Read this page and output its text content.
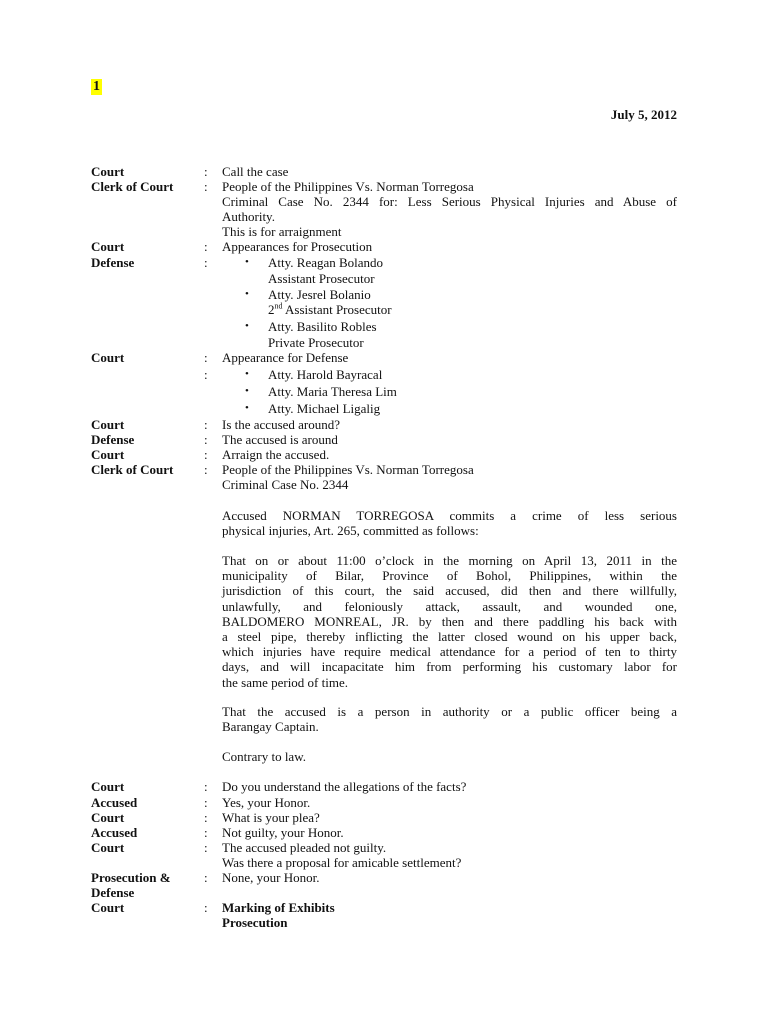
1
July 5, 2012
Court	: Call the case
Clerk of Court : People of the Philippines Vs. Norman Torregosa
Criminal Case No. 2344 for: Less Serious Physical Injuries and Abuse of
Authority.
This is for arraignment
Court	: Appearances for Prosecution
Defense	:	• Atty. Reagan Bolando
Assistant Prosecutor
• Atty. Jesrel Bolanio
2nd Assistant Prosecutor
• Atty. Basilito Robles
Private Prosecutor
Court	: Appearance for Defense
:	• Atty. Harold Bayracal
• Atty. Maria Theresa Lim
• Atty. Michael Ligalig
Court	: Is the accused around?
Defense	: The accused is around
Court	: Arraign the accused.
Clerk of Court : People of the Philippines Vs. Norman Torregosa
Criminal Case No. 2344
Accused NORMAN TORREGOSA commits a crime of less serious
physical injuries, Art. 265, committed as follows:
That on or about 11:00 o’clock in the morning on April 13, 2011 in the
municipality of Bilar, Province of Bohol, Philippines, within the
jurisdiction of this court, the said accused, did then and there willfully,
unlawfully, and feloniously attack, assault, and wounded one,
BALDOMERO MONREAL, JR. by then and there paddling his back with
a steel pipe, thereby inflicting the latter closed wound on his upper back,
which injuries have require medical attendance for a period of ten to thirty
days, and will incapacitate him from performing his customary labor for
the same period of time.
That the accused is a person in authority or a public officer being a
Barangay Captain.
Contrary to law.
Court	: Do you understand the allegations of the facts?
Accused	: Yes, your Honor.
Court	: What is your plea?
Accused	: Not guilty, your Honor.
Court	: The accused pleaded not guilty.
Was there a proposal for amicable settlement?
Prosecution &	: None, your Honor.
Defense
Court	: Marking of Exhibits
Prosecution
